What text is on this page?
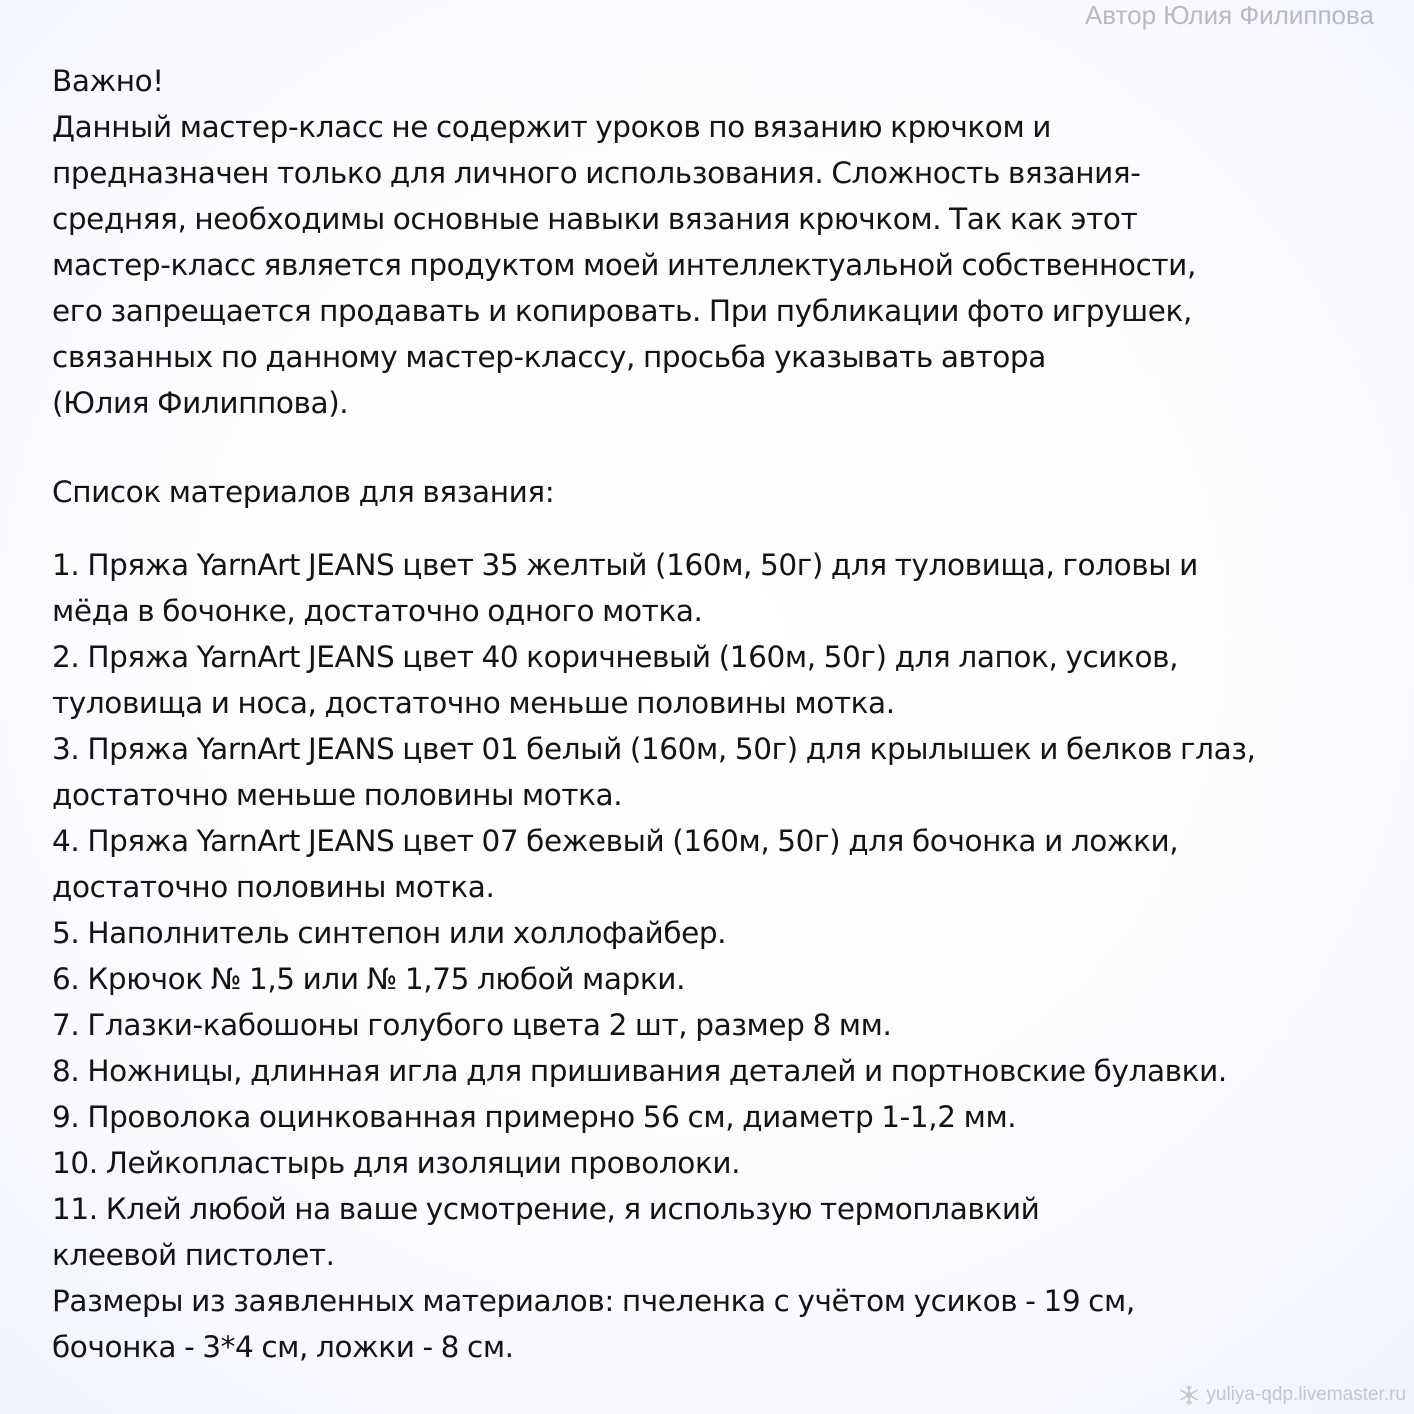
Автор Юлия Филиппова
Важно!
Данный мастер-класс не содержит уроков по вязанию крючком и
предназначен только для личного использования. Сложность вязания-
средняя, необходимы основные навыки вязания крючком. Так как этот
мастер-класс является продуктом моей интеллектуальной собственности,
его запрещается продавать и копировать. При публикации фото игрушек,
связанных по данному мастер-классу, просьба указывать автора
(Юлия Филиппова).
Список материалов для вязания:
1. Пряжа YarnArt JEANS цвет 35 желтый (160м, 50г) для туловища, головы и
мёда в бочонке, достаточно одного мотка.
2. Пряжа YarnArt JEANS цвет 40 коричневый (160м, 50г) для лапок, усиков,
туловища и носа, достаточно меньше половины мотка.
3. Пряжа YarnArt JEANS цвет 01 белый (160м, 50г) для крылышек и белков глаз,
достаточно меньше половины мотка.
4. Пряжа YarnArt JEANS цвет 07 бежевый (160м, 50г) для бочонка и ложки,
достаточно половины мотка.
5. Наполнитель синтепон или холлофайбер.
6. Крючок № 1,5 или № 1,75 любой марки.
7. Глазки-кабошоны голубого цвета 2 шт, размер 8 мм.
8. Ножницы, длинная игла для пришивания деталей и портновские булавки.
9. Проволока оцинкованная примерно 56 см, диаметр 1-1,2 мм.
10. Лейкопластырь для изоляции проволоки.
11. Клей любой на ваше усмотрение, я использую термоплавкий
клеевой пистолет.
Размеры из заявленных материалов: пчеленка с учётом усиков - 19 см,
бочонка - 3*4 см, ложки - 8 см.
yuliya-qdp.livemaster.ru
